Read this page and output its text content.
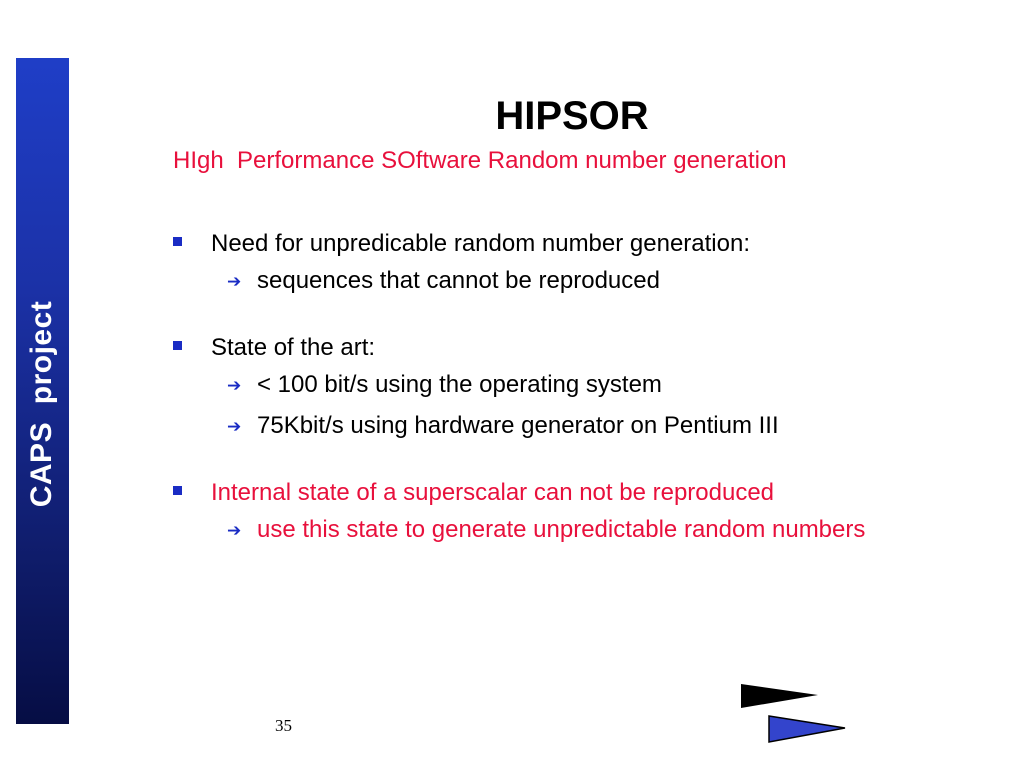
CAPS  project
HIPSOR
HIgh  Performance SOftware Random number generation
Need for unpredicable random number generation:
➔ sequences that cannot be reproduced
State of the art:
➔ < 100 bit/s using the operating system
➔ 75Kbit/s using hardware generator on Pentium III
Internal state of a superscalar can not be reproduced
➔ use this state to generate unpredictable random numbers
35
